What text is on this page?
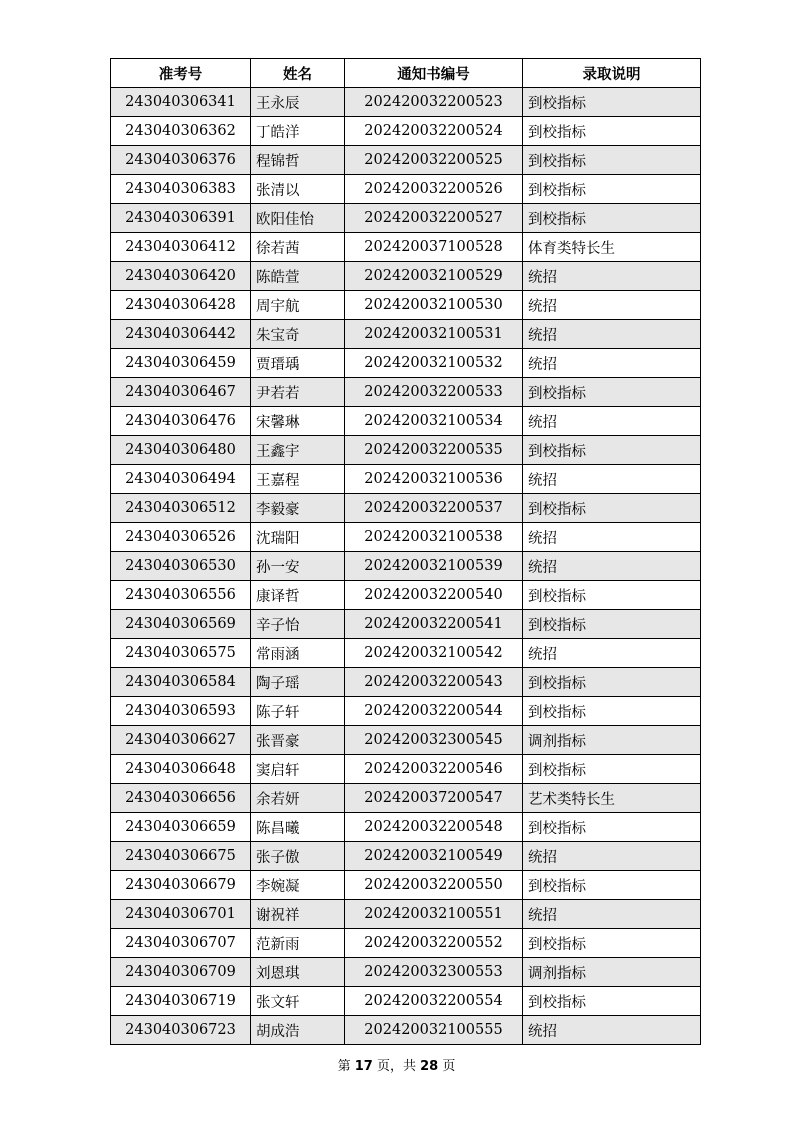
准考号	姓名	通知书编号	录取说明
243040306341	王永辰	202420032200523	到校指标
243040306362	丁皓洋	202420032200524	到校指标
243040306376	程锦哲	202420032200525	到校指标
243040306383	张清以	202420032200526	到校指标
243040306391	欧阳佳怡	202420032200527	到校指标
243040306412	徐若茜	202420037100528	体育类特长生
243040306420	陈皓萱	202420032100529	统招
243040306428	周宇航	202420032100530	统招
243040306442	朱宝奇	202420032100531	统招
243040306459	贾瑨瑀	202420032100532	统招
243040306467	尹若若	202420032200533	到校指标
243040306476	宋馨琳	202420032100534	统招
243040306480	王鑫宇	202420032200535	到校指标
243040306494	王嘉程	202420032100536	统招
243040306512	李毅豪	202420032200537	到校指标
243040306526	沈瑞阳	202420032100538	统招
243040306530	孙一安	202420032100539	统招
243040306556	康译哲	202420032200540	到校指标
243040306569	辛子怡	202420032200541	到校指标
243040306575	常雨涵	202420032100542	统招
243040306584	陶子瑶	202420032200543	到校指标
243040306593	陈子轩	202420032200544	到校指标
243040306627	张晋豪	202420032300545	调剂指标
243040306648	窦启轩	202420032200546	到校指标
243040306656	余若妍	202420037200547	艺术类特长生
243040306659	陈昌曦	202420032200548	到校指标
243040306675	张子傲	202420032100549	统招
243040306679	李婉凝	202420032200550	到校指标
243040306701	谢祝祥	202420032100551	统招
243040306707	范新雨	202420032200552	到校指标
243040306709	刘恩琪	202420032300553	调剂指标
243040306719	张文轩	202420032200554	到校指标
243040306723	胡成浩	202420032100555	统招
第 17 页，共 28 页
